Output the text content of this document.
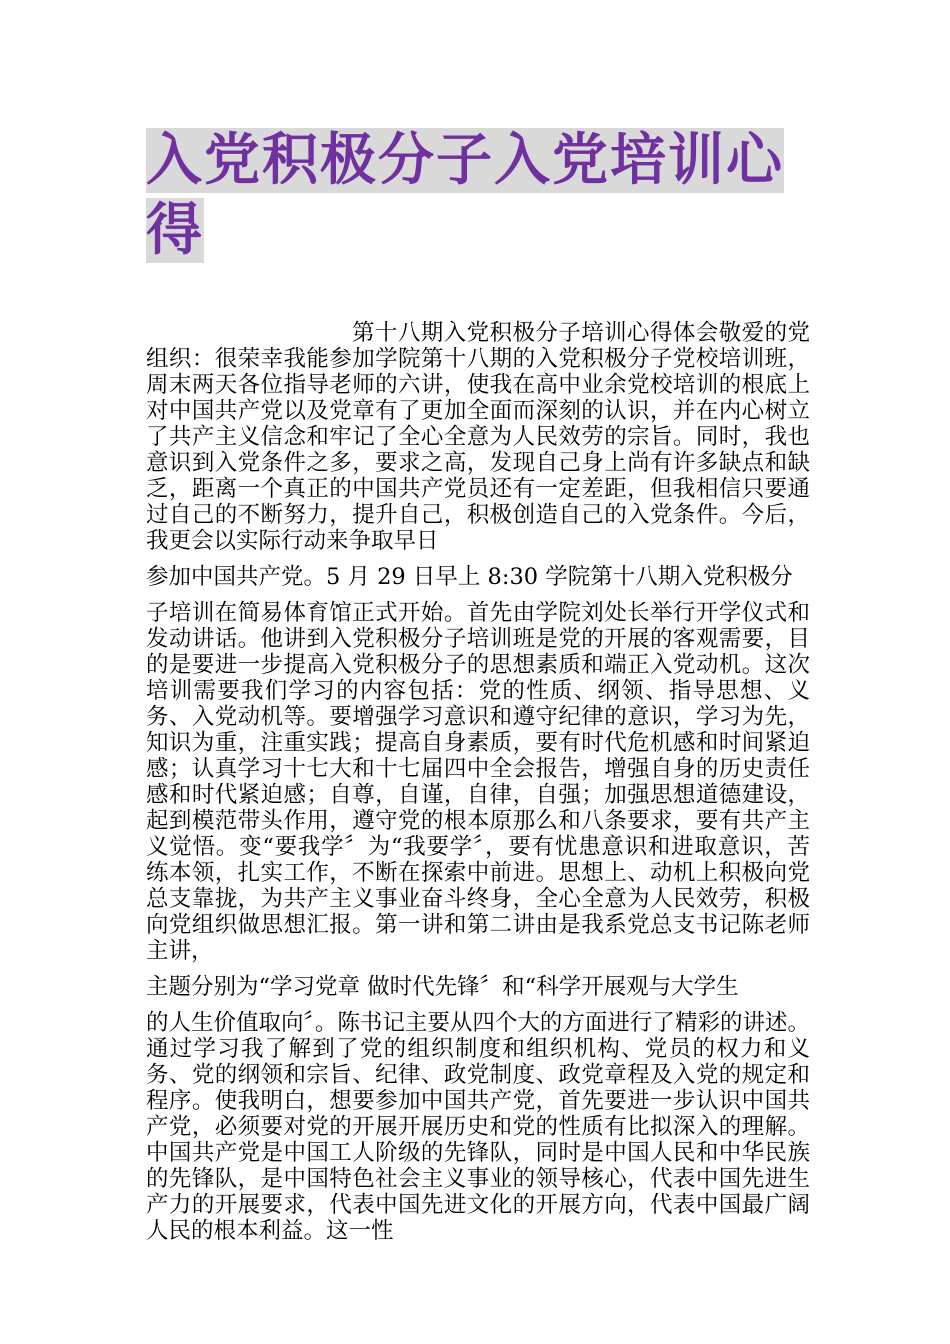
入党积极分子入党培训心得

第十八期入党积极分子培训心得体会敬爱的党组织：很荣幸我能参加学院第十八期的入党积极分子党校培训班，周末两天各位指导老师的六讲，使我在高中业余党校培训的根底上对中国共产党以及党章有了更加全面而深刻的认识，并在内心树立了共产主义信念和牢记了全心全意为人民效劳的宗旨。同时，我也意识到入党条件之多，要求之高，发现自己身上尚有许多缺点和缺乏，距离一个真正的中国共产党员还有一定差距，但我相信只要通过自己的不断努力，提升自己，积极创造自己的入党条件。今后，我更会以实际行动来争取早日

参加中国共产党。5 月 29 日早上 8:30 学院第十八期入党积极分

子培训在简易体育馆正式开始。首先由学院刘处长举行开学仪式和发动讲话。他讲到入党积极分子培训班是党的开展的客观需要，目的是要进一步提高入党积极分子的思想素质和端正入党动机。这次培训需要我们学习的内容包括：党的性质、纲领、指导思想、义务、入党动机等。要增强学习意识和遵守纪律的意识，学习为先，知识为重，注重实践；提高自身素质，要有时代危机感和时间紧迫感；认真学习十七大和十七届四中全会报告，增强自身的历史责任感和时代紧迫感；自尊，自谨，自律，自强；加强思想道德建设，起到模范带头作用，遵守党的根本原那么和八条要求，要有共产主义觉悟。变“要我学〞为“我要学〞，要有忧患意识和进取意识，苦练本领，扎实工作，不断在探索中前进。思想上、动机上积极向党总支靠拢，为共产主义事业奋斗终身，全心全意为人民效劳，积极向党组织做思想汇报。第一讲和第二讲由是我系党总支书记陈老师主讲，

主题分别为“学习党章 做时代先锋〞和“科学开展观与大学生

的人生价值取向〞。陈书记主要从四个大的方面进行了精彩的讲述。通过学习我了解到了党的组织制度和组织机构、党员的权力和义务、党的纲领和宗旨、纪律、政党制度、政党章程及入党的规定和程序。使我明白，想要参加中国共产党，首先要进一步认识中国共产党，必须要对党的开展开展历史和党的性质有比拟深入的理解。中国共产党是中国工人阶级的先锋队，同时是中国人民和中华民族的先锋队，是中国特色社会主义事业的领导核心，代表中国先进生产力的开展要求，代表中国先进文化的开展方向，代表中国最广阔人民的根本利益。这一性
